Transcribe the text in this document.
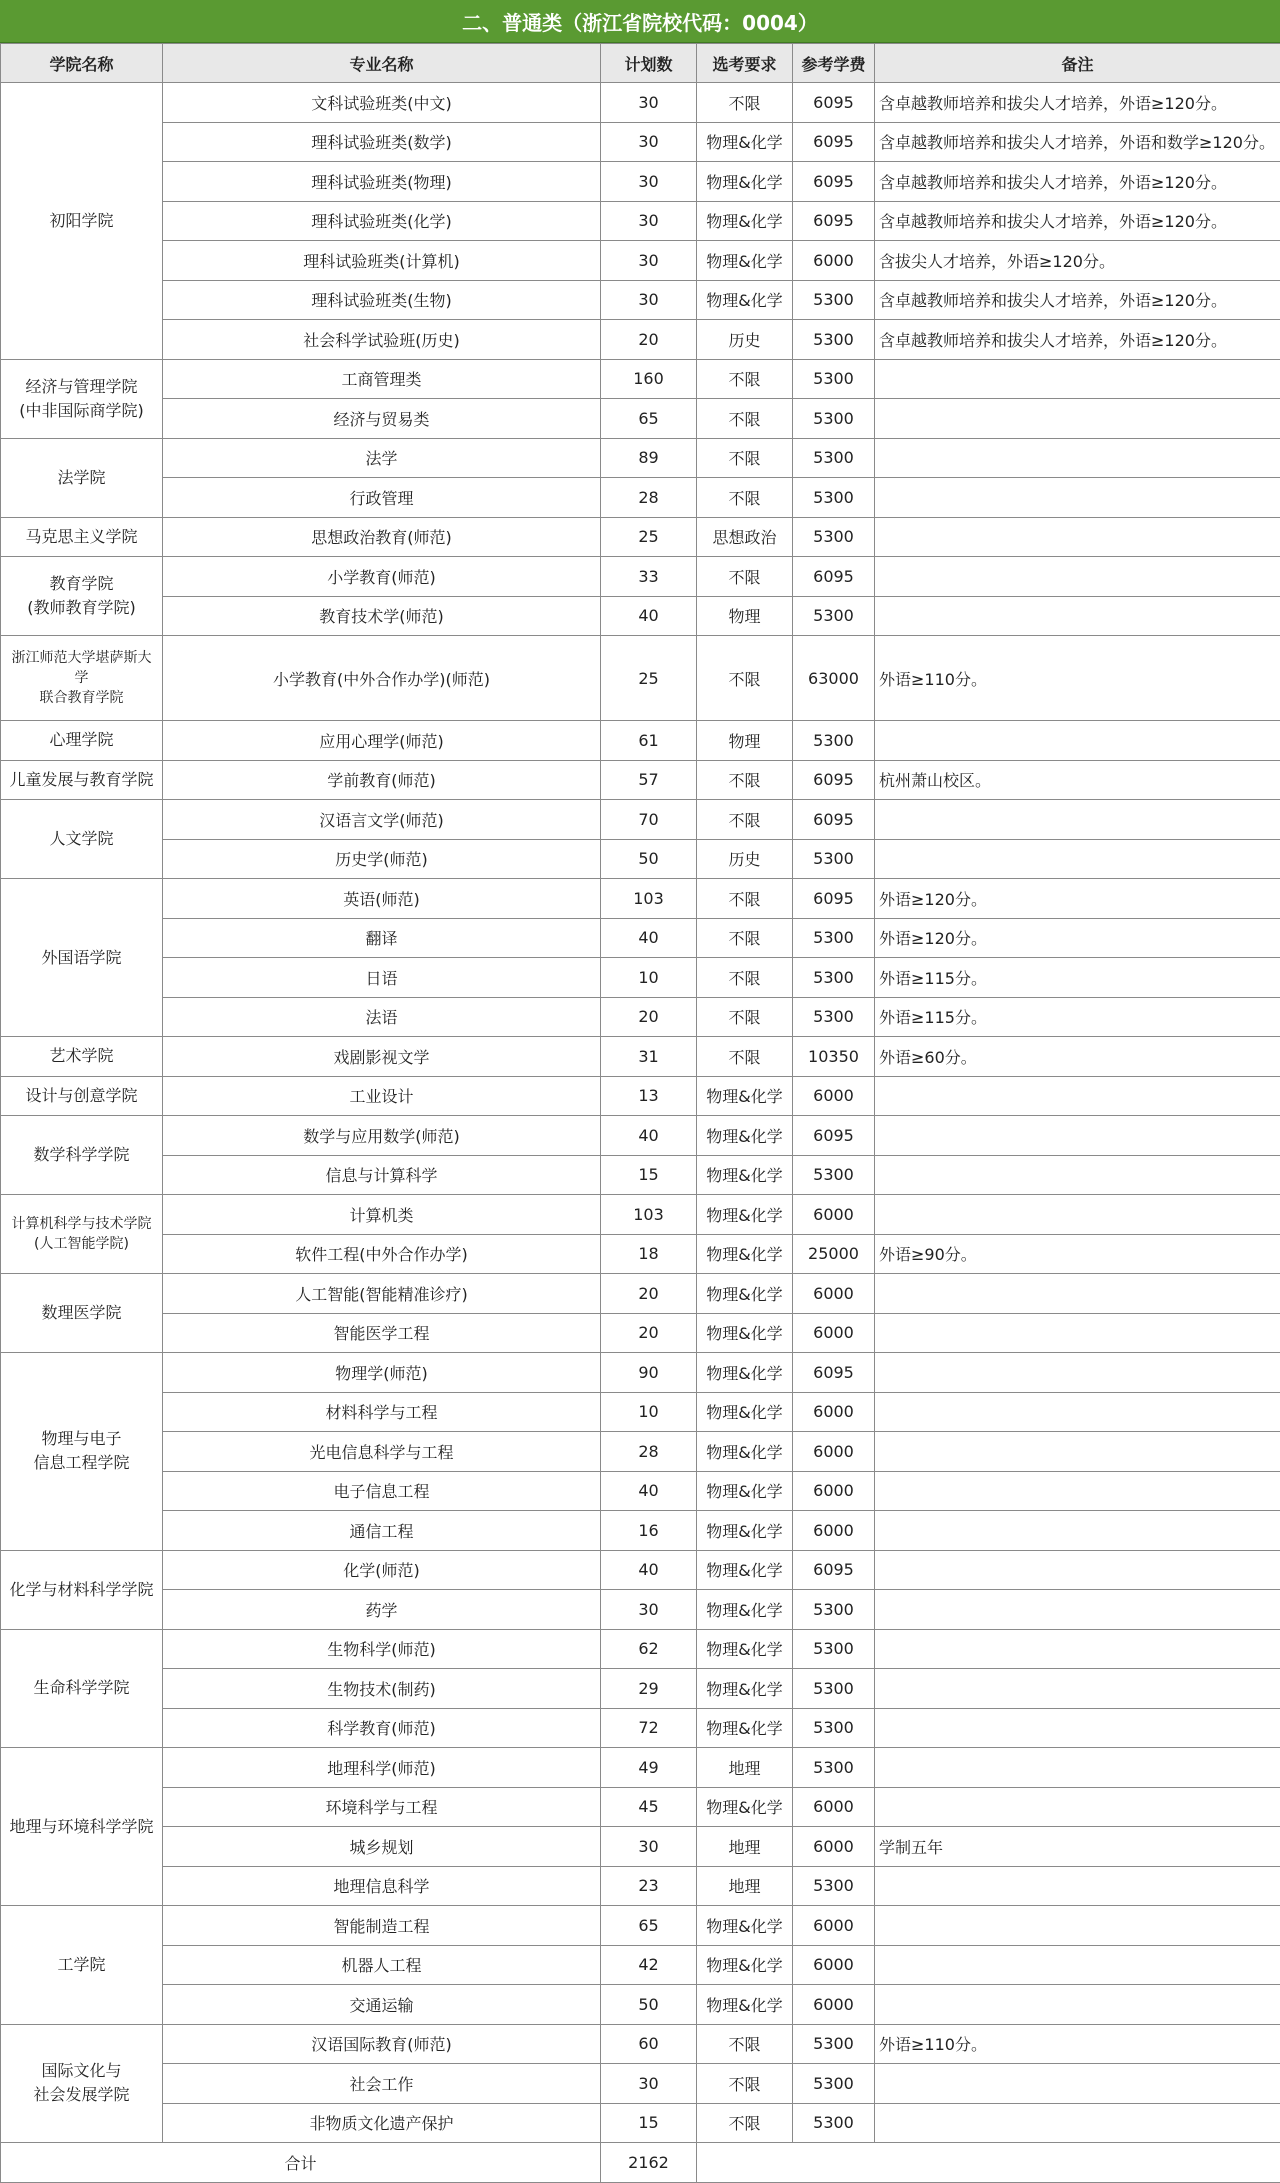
二、普通类（浙江省院校代码：0004）
学院名称	专业名称	计划数	选考要求	参考学费	备注
初阳学院	文科试验班类(中文)	30	不限	6095	含卓越教师培养和拔尖人才培养，外语≥120分。
	理科试验班类(数学)	30	物理&化学	6095	含卓越教师培养和拔尖人才培养，外语和数学≥120分。
	理科试验班类(物理)	30	物理&化学	6095	含卓越教师培养和拔尖人才培养，外语≥120分。
	理科试验班类(化学)	30	物理&化学	6095	含卓越教师培养和拔尖人才培养，外语≥120分。
	理科试验班类(计算机)	30	物理&化学	6000	含拔尖人才培养，外语≥120分。
	理科试验班类(生物)	30	物理&化学	5300	含卓越教师培养和拔尖人才培养，外语≥120分。
	社会科学试验班(历史)	20	历史	5300	含卓越教师培养和拔尖人才培养，外语≥120分。
经济与管理学院
(中非国际商学院)	工商管理类	160	不限	5300	
	经济与贸易类	65	不限	5300	
法学院	法学	89	不限	5300	
	行政管理	28	不限	5300	
马克思主义学院	思想政治教育(师范)	25	思想政治	5300	
教育学院
(教师教育学院)	小学教育(师范)	33	不限	6095	
	教育技术学(师范)	40	物理	5300	
浙江师范大学堪萨斯大学
联合教育学院	小学教育(中外合作办学)(师范)	25	不限	63000	外语≥110分。
心理学院	应用心理学(师范)	61	物理	5300	
儿童发展与教育学院	学前教育(师范)	57	不限	6095	杭州萧山校区。
人文学院	汉语言文学(师范)	70	不限	6095	
	历史学(师范)	50	历史	5300	
外国语学院	英语(师范)	103	不限	6095	外语≥120分。
	翻译	40	不限	5300	外语≥120分。
	日语	10	不限	5300	外语≥115分。
	法语	20	不限	5300	外语≥115分。
艺术学院	戏剧影视文学	31	不限	10350	外语≥60分。
设计与创意学院	工业设计	13	物理&化学	6000	
数学科学学院	数学与应用数学(师范)	40	物理&化学	6095	
	信息与计算科学	15	物理&化学	5300	
计算机科学与技术学院
(人工智能学院)	计算机类	103	物理&化学	6000	
	软件工程(中外合作办学)	18	物理&化学	25000	外语≥90分。
数理医学院	人工智能(智能精准诊疗)	20	物理&化学	6000	
	智能医学工程	20	物理&化学	6000	
物理与电子
信息工程学院	物理学(师范)	90	物理&化学	6095	
	材料科学与工程	10	物理&化学	6000	
	光电信息科学与工程	28	物理&化学	6000	
	电子信息工程	40	物理&化学	6000	
	通信工程	16	物理&化学	6000	
化学与材料科学学院	化学(师范)	40	物理&化学	6095	
	药学	30	物理&化学	5300	
生命科学学院	生物科学(师范)	62	物理&化学	5300	
	生物技术(制药)	29	物理&化学	5300	
	科学教育(师范)	72	物理&化学	5300	
地理与环境科学学院	地理科学(师范)	49	地理	5300	
	环境科学与工程	45	物理&化学	6000	
	城乡规划	30	地理	6000	学制五年
	地理信息科学	23	地理	5300	
工学院	智能制造工程	65	物理&化学	6000	
	机器人工程	42	物理&化学	6000	
	交通运输	50	物理&化学	6000	
国际文化与
社会发展学院	汉语国际教育(师范)	60	不限	5300	外语≥110分。
	社会工作	30	不限	5300	
	非物质文化遗产保护	15	不限	5300	
合计		2162			
